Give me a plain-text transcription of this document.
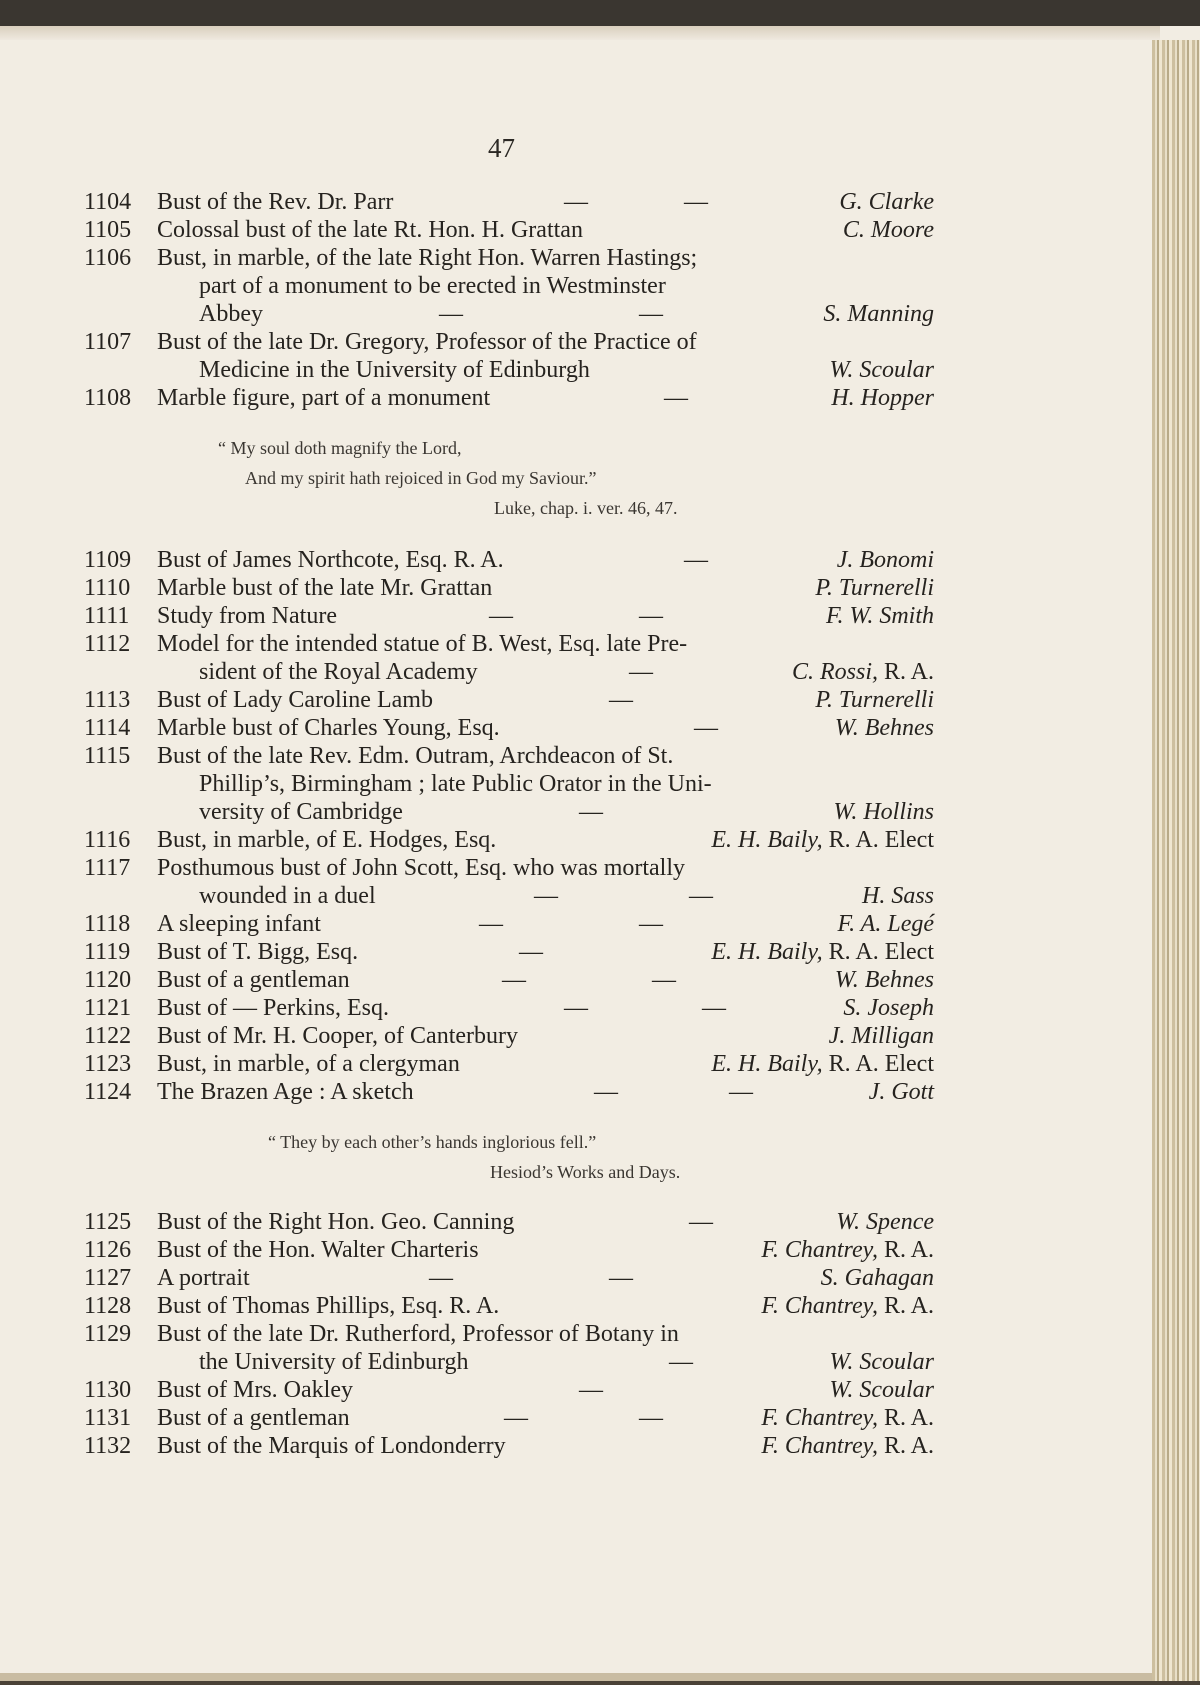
47
1104	Bust of the Rev. Dr. Parr	—	—	G. Clarke
1105	Colossal bust of the late Rt. Hon. H. Grattan	C. Moore
1106	Bust, in marble, of the late Right Hon. Warren Hastings;
part of a monument to be erected in Westminster
Abbey	—	—	S. Manning
1107	Bust of the late Dr. Gregory, Professor of the Practice of
Medicine in the University of Edinburgh	W. Scoular
1108	Marble figure, part of a monument	—	H. Hopper
“ My soul doth magnify the Lord,
And my spirit hath rejoiced in God my Saviour.”
Luke, chap. i. ver. 46, 47.
1109	Bust of James Northcote, Esq. R. A.	—	J. Bonomi
1110	Marble bust of the late Mr. Grattan	P. Turnerelli
1111	Study from Nature	—	—	F. W. Smith
1112	Model for the intended statue of B. West, Esq. late Pre-
sident of the Royal Academy	—	C. Rossi, R. A.
1113	Bust of Lady Caroline Lamb	—	P. Turnerelli
1114	Marble bust of Charles Young, Esq.	—	W. Behnes
1115	Bust of the late Rev. Edm. Outram, Archdeacon of St.
Phillip’s, Birmingham ; late Public Orator in the Uni-
versity of Cambridge	—	W. Hollins
1116	Bust, in marble, of E. Hodges, Esq.	E. H. Baily, R. A. Elect
1117	Posthumous bust of John Scott, Esq. who was mortally
wounded in a duel	—	—	H. Sass
1118	A sleeping infant	—	—	F. A. Legé
1119	Bust of T. Bigg, Esq.	—	E. H. Baily, R. A. Elect
1120	Bust of a gentleman	—	—	W. Behnes
1121	Bust of — Perkins, Esq.	—	—	S. Joseph
1122	Bust of Mr. H. Cooper, of Canterbury	J. Milligan
1123	Bust, in marble, of a clergyman	E. H. Baily, R. A. Elect
1124	The Brazen Age : A sketch	—	—	J. Gott
“ They by each other’s hands inglorious fell.”
Hesiod’s Works and Days.
1125	Bust of the Right Hon. Geo. Canning	—	W. Spence
1126	Bust of the Hon. Walter Charteris	F. Chantrey, R. A.
1127	A portrait	—	—	S. Gahagan
1128	Bust of Thomas Phillips, Esq. R. A.	F. Chantrey, R. A.
1129	Bust of the late Dr. Rutherford, Professor of Botany in
the University of Edinburgh	—	W. Scoular
1130	Bust of Mrs. Oakley	—	W. Scoular
1131	Bust of a gentleman	—	—	F. Chantrey, R. A.
1132	Bust of the Marquis of Londonderry	F. Chantrey, R. A.
